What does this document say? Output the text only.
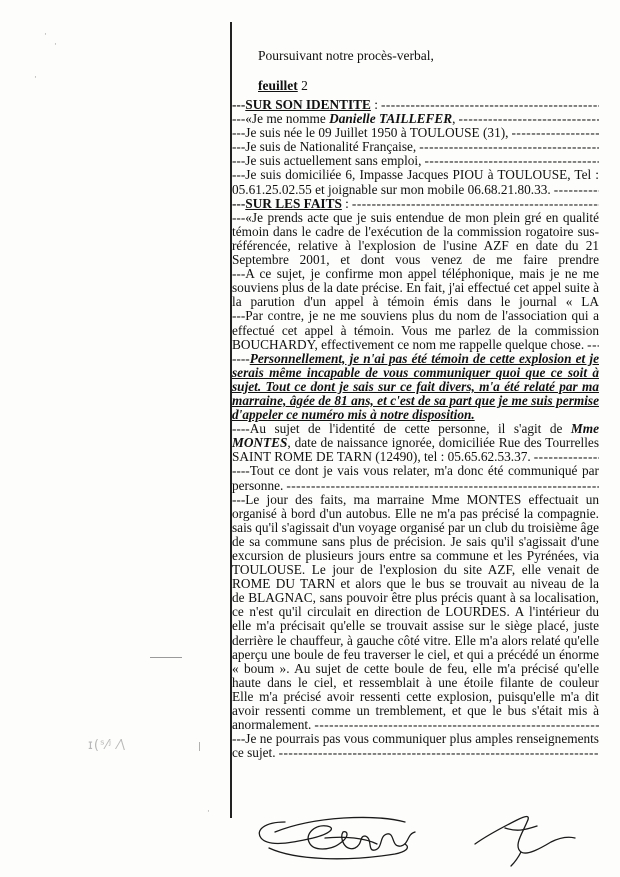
·
·
·
|
·
ɪ(ˢ⁄ʲ ⁄\
Poursuivant notre procès-verbal,
feuillet 2
---SUR SON IDENTITE :
-----
---«Je me nomme Danielle TAILLEFER,
-----
---Je suis née le 09 Juillet 1950 à TOULOUSE (31),
-----
---Je suis de Nationalité Française,
-----
---Je suis actuellement sans emploi,
-----
---Je suis domiciliée 6, Impasse Jacques PIOU à TOULOUSE, Tel :
05.61.25.02.55 et joignable sur mon mobile 06.68.21.80.33.
-----
---SUR LES FAITS :
-----
---«Je prends acte que je suis entendue de mon plein gré en qualité
témoin dans le cadre de l'exécution de la commission rogatoire sus-
référencée, relative à l'explosion de l'usine AZF en date du 21
Septembre 2001, et dont vous venez de me faire prendre
---A ce sujet, je confirme mon appel téléphonique, mais je ne me
souviens plus de la date précise. En fait, j'ai effectué cet appel suite à
la parution d'un appel à témoin émis dans le journal « LA
---Par contre, je ne me souviens plus du nom de l'association qui a
effectué cet appel à témoin. Vous me parlez de la commission
BOUCHARDY, effectivement ce nom me rappelle quelque chose.
-----
----Personnellement, je n'ai pas été témoin de cette explosion et je
serais même incapable de vous communiquer quoi que ce soit à
sujet. Tout ce dont je sais sur ce fait divers, m'a été relaté par ma
marraine, âgée de 81 ans, et c'est de sa part que je me suis permise
d'appeler ce numéro mis à notre disposition.
----Au sujet de l'identité de cette personne, il s'agit de Mme
MONTES, date de naissance ignorée, domiciliée Rue des Tourrelles
SAINT ROME DE TARN (12490), tel : 05.65.62.53.37.
-----
----Tout ce dont je vais vous relater, m'a donc été communiqué par
personne.
-----
---Le jour des faits, ma marraine Mme MONTES effectuait un
organisé à bord d'un autobus. Elle ne m'a pas précisé la compagnie.
sais qu'il s'agissait d'un voyage organisé par un club du troisième âge
de sa commune sans plus de précision. Je sais qu'il s'agissait d'une
excursion de plusieurs jours entre sa commune et les Pyrénées, via
TOULOUSE. Le jour de l'explosion du site AZF, elle venait de
ROME DU TARN et alors que le bus se trouvait au niveau de la
de BLAGNAC, sans pouvoir être plus précis quant à sa localisation,
ce n'est qu'il circulait en direction de LOURDES. A l'intérieur du
elle m'a précisait qu'elle se trouvait assise sur le siège placé, juste
derrière le chauffeur, à gauche côté vitre. Elle m'a alors relaté qu'elle
aperçu une boule de feu traverser le ciel, et qui a précédé un énorme
« boum ». Au sujet de cette boule de feu, elle m'a précisé qu'elle
haute dans le ciel, et ressemblait à une étoile filante de couleur
Elle m'a précisé avoir ressenti cette explosion, puisqu'elle m'a dit
avoir ressenti comme un tremblement, et que le bus s'était mis à
anormalement.
-----
---Je ne pourrais pas vous communiquer plus amples renseignements
ce sujet.
-----
